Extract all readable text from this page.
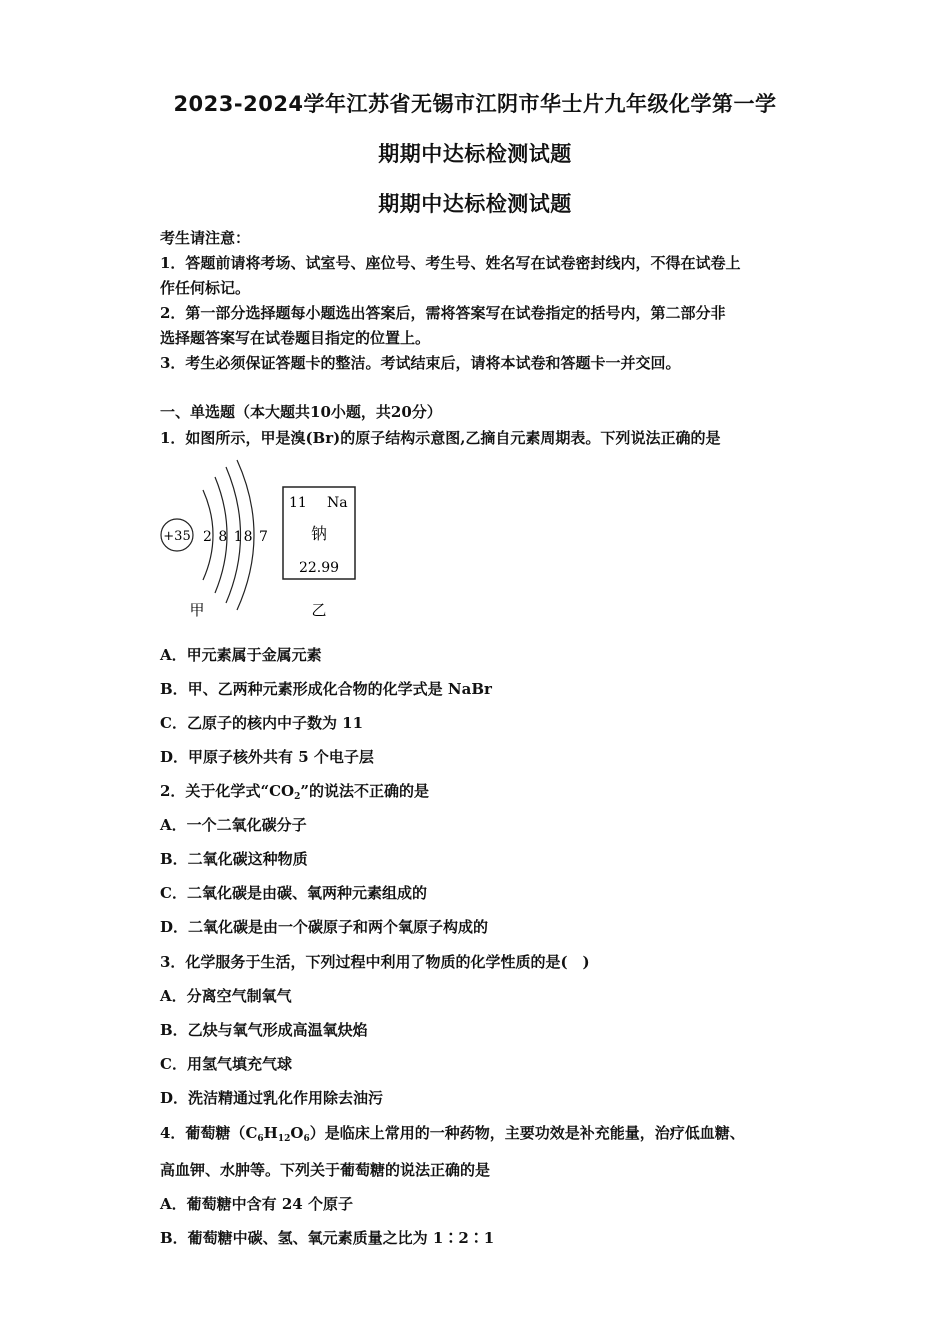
2023-2024学年江苏省无锡市江阴市华士片九年级化学第一学
期期中达标检测试题
期期中达标检测试题
考生请注意：
1．答题前请将考场、试室号、座位号、考生号、姓名写在试卷密封线内，不得在试卷上
作任何标记。
2．第一部分选择题每小题选出答案后，需将答案写在试卷指定的括号内，第二部分非
选择题答案写在试卷题目指定的位置上。
3．考生必须保证答题卡的整洁。考试结束后，请将本试卷和答题卡一并交回。
一、单选题（本大题共10小题，共20分）
1．如图所示，甲是溴(Br)的原子结构示意图,乙摘自元素周期表。下列说法正确的是
+35 2 8 18 7
甲
11 Na
钠
22.99
乙
A．甲元素属于金属元素
B．甲、乙两种元素形成化合物的化学式是 NaBr
C．乙原子的核内中子数为 11
D．甲原子核外共有 5 个电子层
2．关于化学式“$CO_2$”的说法不正确的是
A．一个二氧化碳分子
B．二氧化碳这种物质
C．二氧化碳是由碳、氧两种元素组成的
D．二氧化碳是由一个碳原子和两个氧原子构成的
3．化学服务于生活，下列过程中利用了物质的化学性质的是(　)
A．分离空气制氧气
B．乙炔与氧气形成高温氧炔焰
C．用氢气填充气球
D．洗洁精通过乳化作用除去油污
4．葡萄糖$(C_6H_{12}O_6)$是临床上常用的一种药物，主要功效是补充能量，治疗低血糖、
高血钾、水肿等。下列关于葡萄糖的说法正确的是
A．葡萄糖中含有 24 个原子
B．葡萄糖中碳、氢、氧元素质量之比为 1∶2∶1
